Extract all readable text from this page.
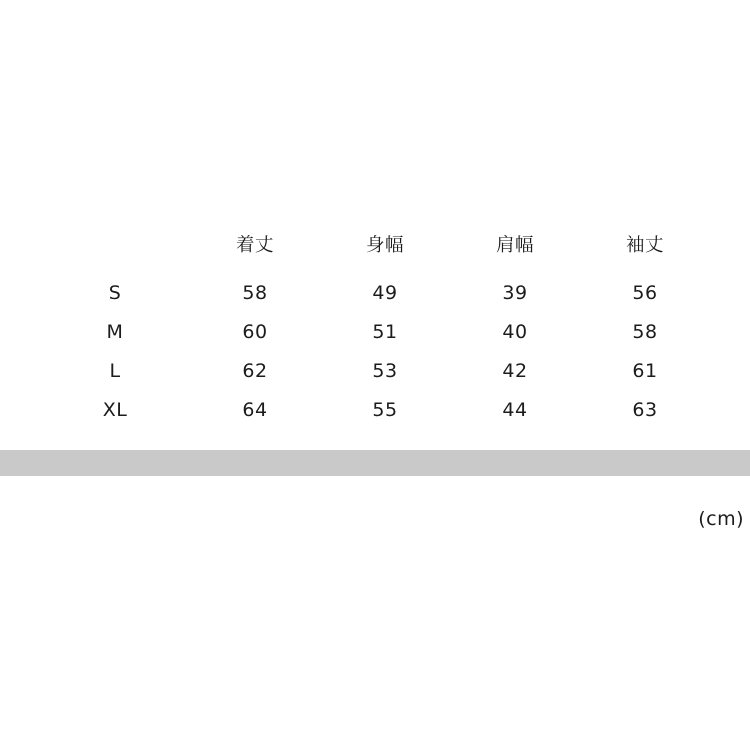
	着丈	身幅	肩幅	袖丈
S	58	49	39	56
M	60	51	40	58
L	62	53	42	61
XL	64	55	44	63
(cm)
